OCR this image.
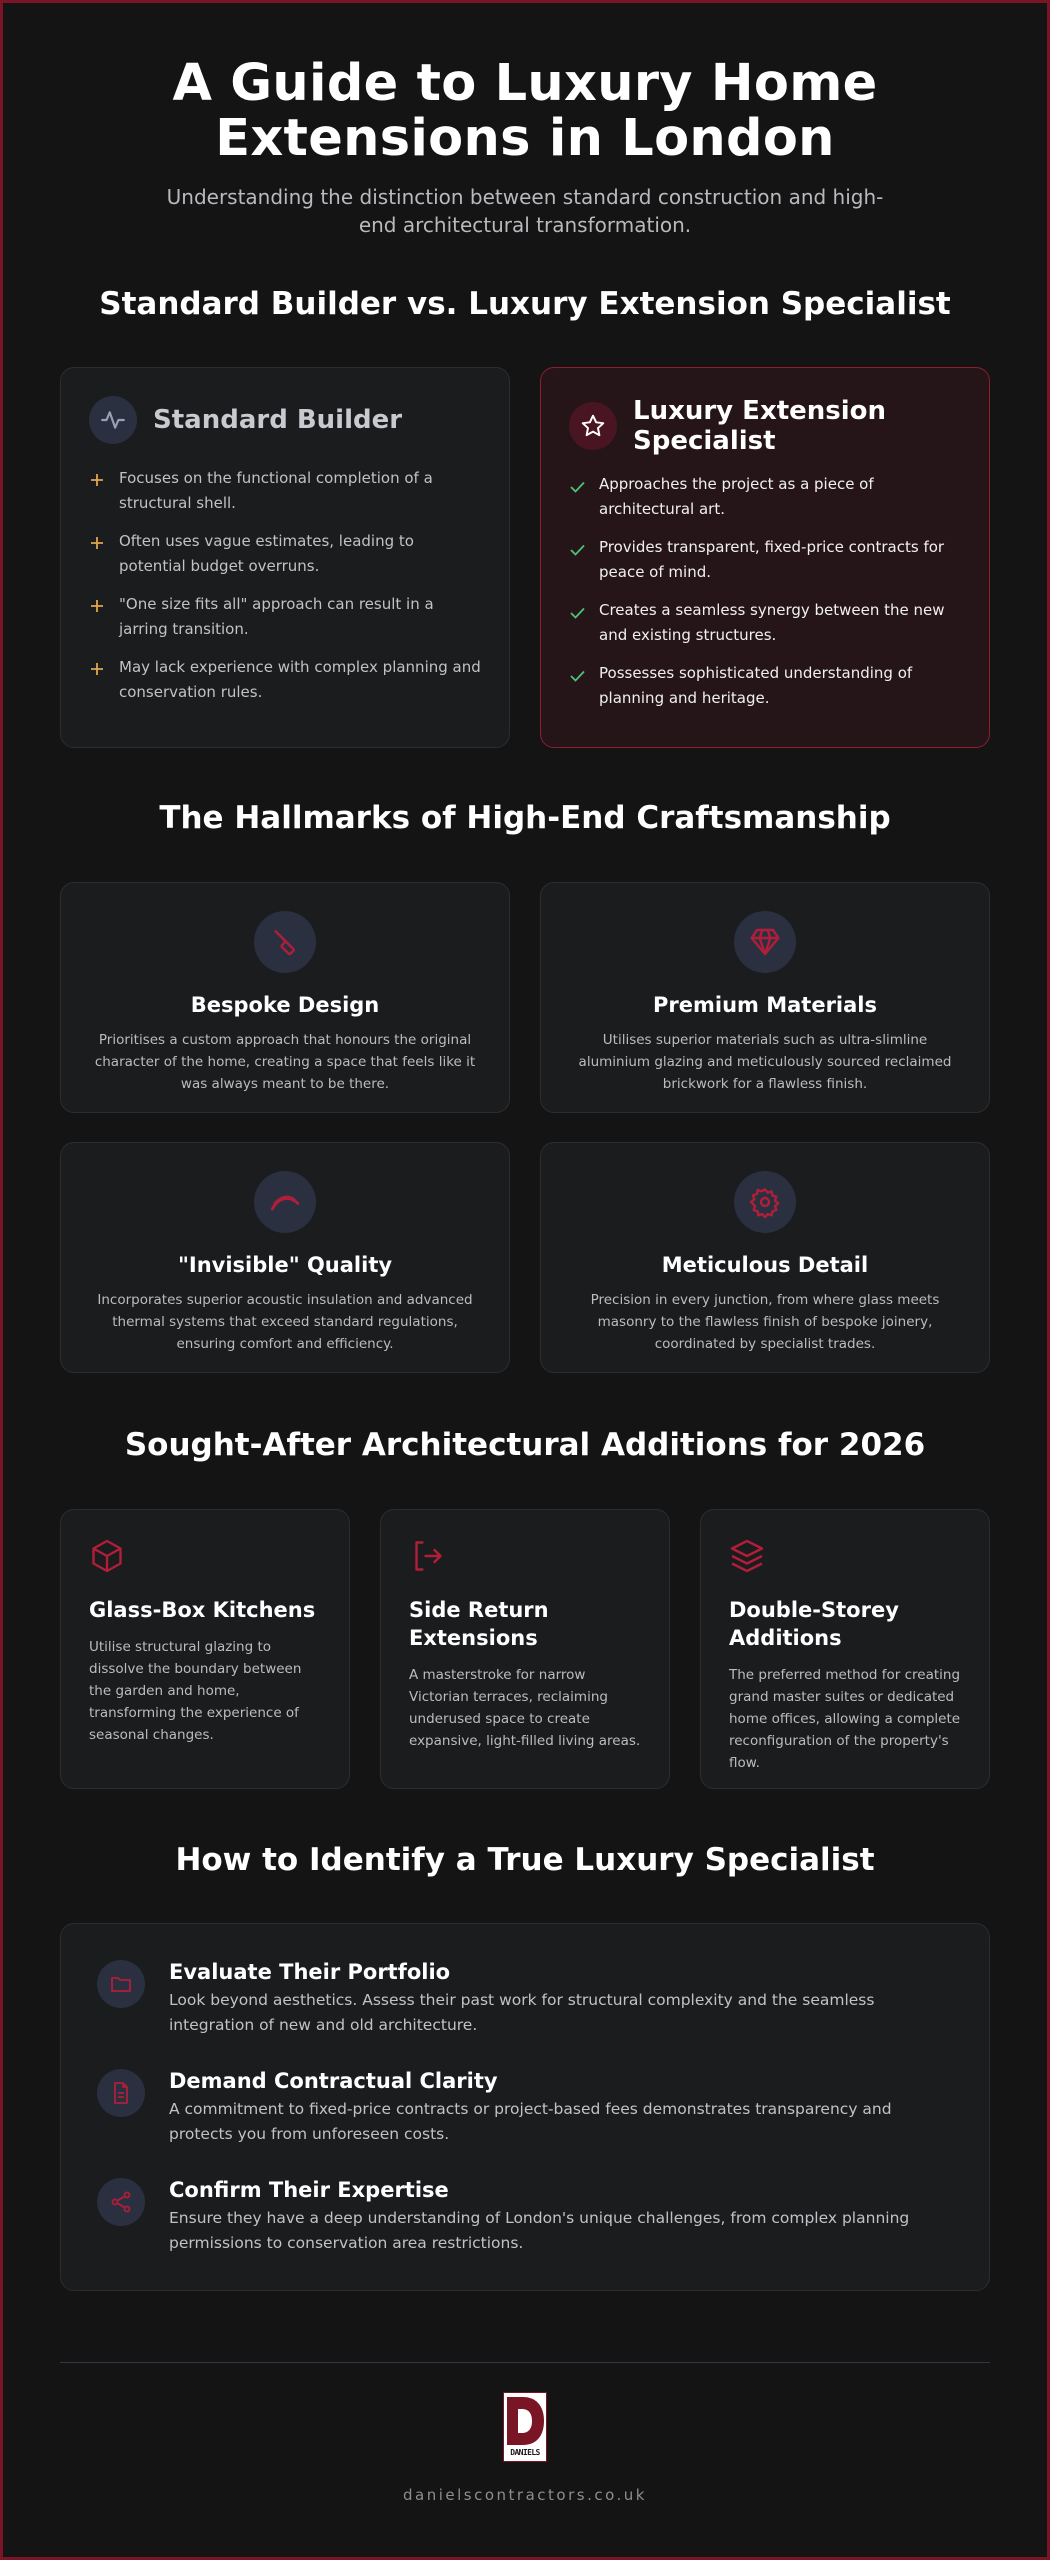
A Guide to Luxury Home
Extensions in London

Understanding the distinction between standard construction and high-end architectural transformation.

Standard Builder vs. Luxury Extension Specialist
Standard Builder
Focuses on the functional completion of a structural shell.
Often uses vague estimates, leading to potential budget overruns.
"One size fits all" approach can result in a jarring transition.
May lack experience with complex planning and conservation rules.
Luxury Extension
Specialist
Approaches the project as a piece of architectural art.
Provides transparent, fixed-price contracts for peace of mind.
Creates a seamless synergy between the new and existing structures.
Possesses sophisticated understanding of planning and heritage.
The Hallmarks of High-End Craftsmanship
Bespoke Design

Prioritises a custom approach that honours the original character of the home, creating a space that feels like it was always meant to be there.

Premium Materials

Utilises superior materials such as ultra-slimline aluminium glazing and meticulously sourced reclaimed brickwork for a flawless finish.

"Invisible" Quality

Incorporates superior acoustic insulation and advanced thermal systems that exceed standard regulations, ensuring comfort and efficiency.

Meticulous Detail

Precision in every junction, from where glass meets masonry to the flawless finish of bespoke joinery, coordinated by specialist trades.

Sought-After Architectural Additions for 2026
Glass-Box Kitchens

Utilise structural glazing to dissolve the boundary between the garden and home, transforming the experience of seasonal changes.

Side Return Extensions

A masterstroke for narrow Victorian terraces, reclaiming underused space to create expansive, light-filled living areas.

Double-Storey Additions

The preferred method for creating grand master suites or dedicated home offices, allowing a complete reconfiguration of the property's flow.

How to Identify a True Luxury Specialist
Evaluate Their Portfolio

Look beyond aesthetics. Assess their past work for structural complexity and the seamless integration of new and old architecture.

Demand Contractual Clarity

A commitment to fixed-price contracts or project-based fees demonstrates transparency and protects you from unforeseen costs.

Confirm Their Expertise

Ensure they have a deep understanding of London's unique challenges, from complex planning permissions to conservation area restrictions.

DANIELS
danielscontractors.co.uk
